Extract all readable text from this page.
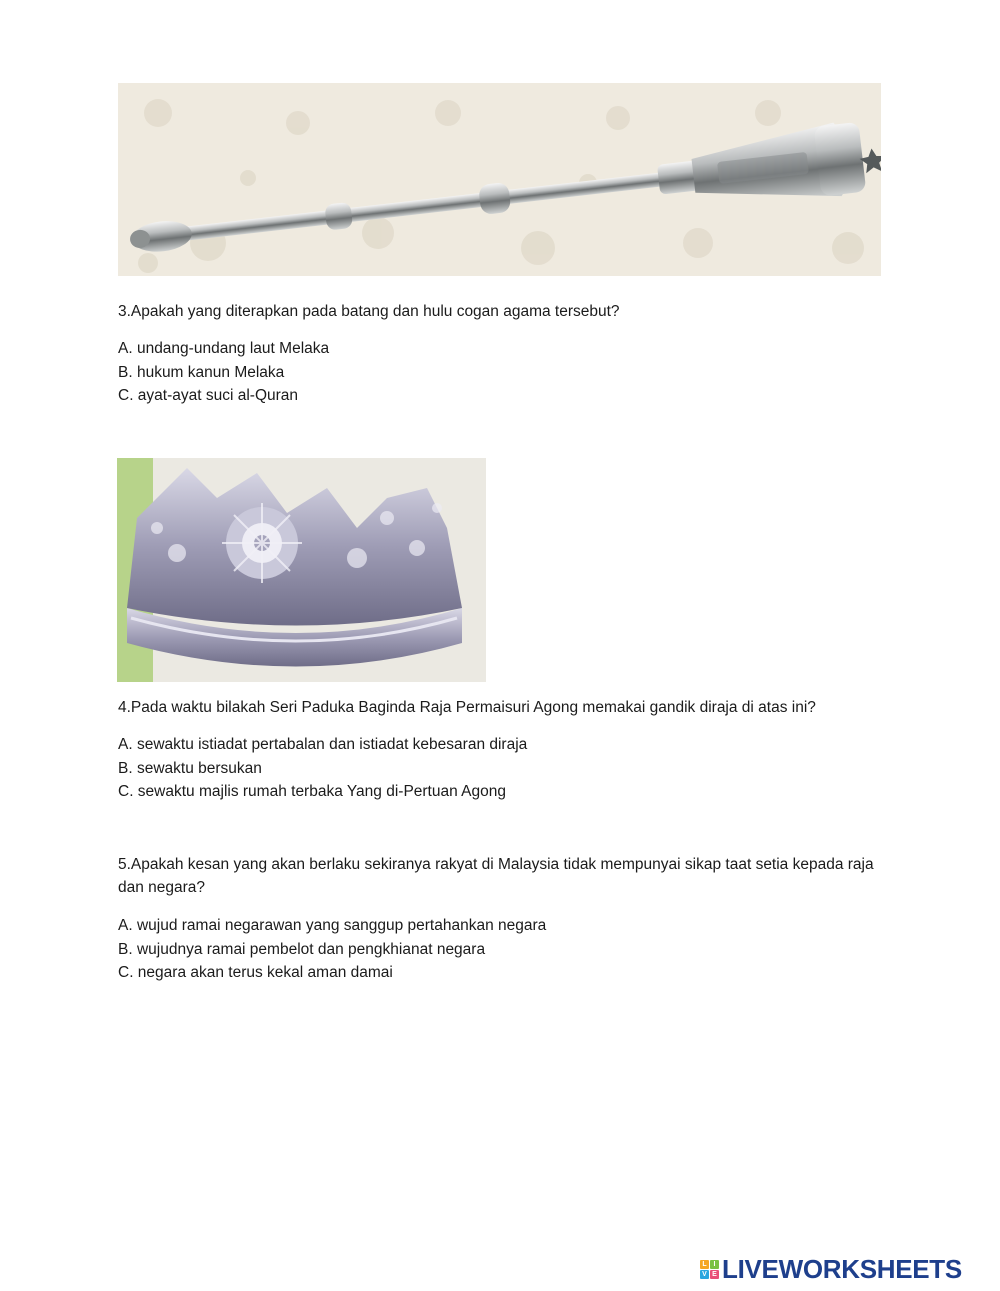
3.Apakah yang diterapkan pada batang dan hulu cogan agama tersebut?
A. undang-undang laut Melaka
B. hukum kanun Melaka
C. ayat-ayat suci al-Quran
4.Pada waktu bilakah Seri Paduka Baginda Raja Permaisuri Agong memakai gandik diraja di atas ini?
A. sewaktu istiadat pertabalan dan istiadat kebesaran diraja
B. sewaktu bersukan
C. sewaktu majlis rumah terbaka Yang di-Pertuan Agong
5.Apakah kesan yang akan berlaku sekiranya rakyat di Malaysia tidak mempunyai sikap taat setia kepada raja dan negara?
A. wujud ramai negarawan yang sanggup pertahankan negara
B. wujudnya ramai pembelot dan pengkhianat negara
C. negara akan terus kekal aman damai
L I
V E LIVEWORKSHEETS
